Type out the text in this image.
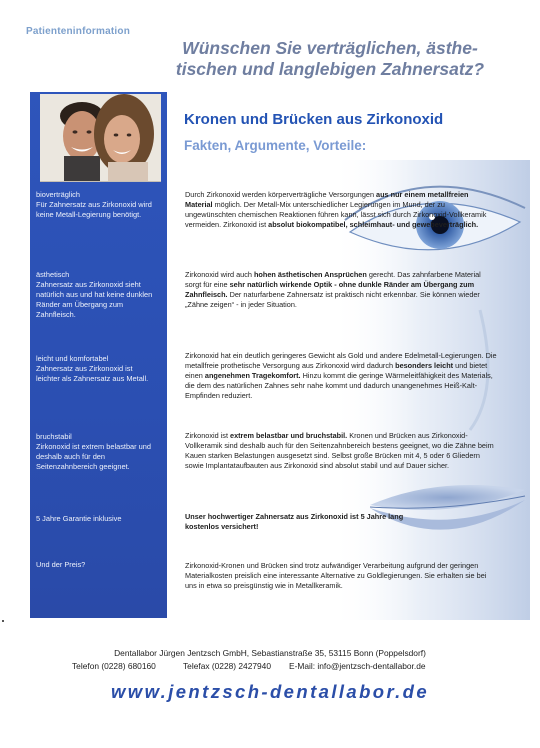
Patienteninformation
Wünschen Sie verträglichen, ästhe-
tischen und langlebigen Zahnersatz?
bioverträglich
Für Zahnersatz aus Zirkonoxid wird keine Metall-Legierung benötigt.
ästhetisch
Zahnersatz aus Zirkonoxid sieht natürlich aus und hat keine dunklen Ränder am Übergang zum Zahnfleisch.
leicht und komfortabel
Zahnersatz aus Zirkonoxid ist leichter als Zahnersatz aus Metall.
bruchstabil
Zirkonoxid ist extrem belastbar und deshalb auch für den Seitenzahnbereich geeignet.
5 Jahre Garantie inklusive
Und der Preis?
Kronen und Brücken aus Zirkonoxid
Fakten, Argumente, Vorteile:
Durch Zirkonoxid werden körperverträgliche Versorgungen aus nur einem metallfreien Material möglich. Der Metall-Mix unterschiedlicher Legierungen im Mund, der zu ungewünschten chemischen Reaktionen führen kann, lässt sich durch Zirkonoxid-Vollkeramik vermeiden. Zirkonoxid ist absolut biokompatibel, schleimhaut- und gewebeverträglich.
Zirkonoxid wird auch hohen ästhetischen Ansprüchen gerecht. Das zahnfarbene Material sorgt für eine sehr natürlich wirkende Optik - ohne dunkle Ränder am Übergang zum Zahnfleisch. Der naturfarbene Zahnersatz ist praktisch nicht erkennbar. Sie können wieder „Zähne zeigen“ - in jeder Situation.
Zirkonoxid hat ein deutlich geringeres Gewicht als Gold und andere Edelmetall-Legierungen. Die metallfreie prothetische Versorgung aus Zirkonoxid wird dadurch besonders leicht und bietet einen angenehmen Tragekomfort. Hinzu kommt die geringe Wärmeleitfähigkeit des Materials, die dem des natürlichen Zahnes sehr nahe kommt und dadurch unangenehmes Heiß-Kalt-Empfinden reduziert.
Zirkonoxid ist extrem belastbar und bruchstabil. Kronen und Brücken aus Zirkonoxid-Vollkeramik sind deshalb auch für den Seitenzahnbereich bestens geeignet, wo die Zähne beim Kauen starken Belastungen ausgesetzt sind. Selbst große Brücken mit 4, 5 oder 6 Gliedern sowie Implantataufbauten aus Zirkonoxid sind absolut stabil und auf Dauer sicher.
Unser hochwertiger Zahnersatz aus Zirkonoxid ist 5 Jahre lang kostenlos versichert!
Zirkonoxid-Kronen und Brücken sind trotz aufwändiger Verarbeitung aufgrund der geringen Materialkosten preislich eine interessante Alternative zu Goldlegierungen. Sie erhalten sie bei uns in etwa so preisgünstig wie in Metallkeramik.
Dentallabor Jürgen Jentzsch GmbH, Sebastianstraße 35, 53115 Bonn (Poppelsdorf)
Telefon (0228) 680160	Telefax (0228) 2427940 E-Mail: info@jentzsch-dentallabor.de
www.jentzsch-dentallabor.de
